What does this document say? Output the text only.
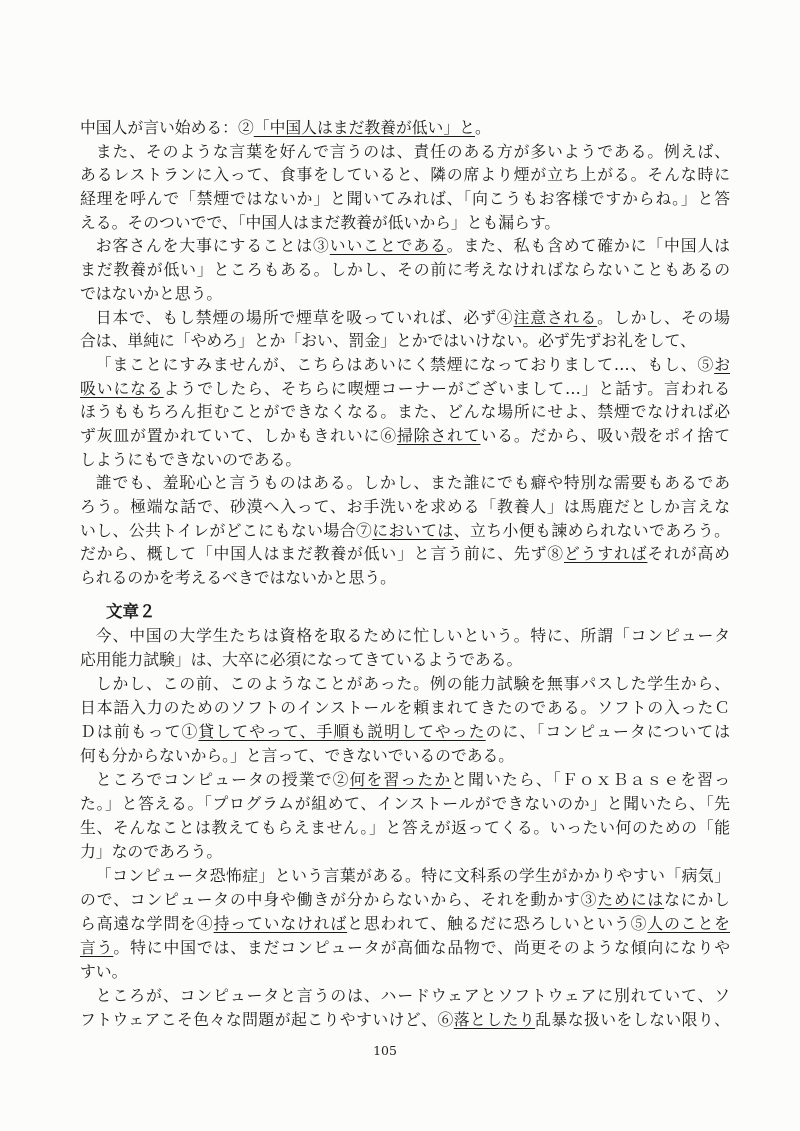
中国人が言い始める：②「中国人はまだ教養が低い」と。
また、そのような言葉を好んで言うのは、責任のある方が多いようである。例えば、
あるレストランに入って、食事をしていると、隣の席より煙が立ち上がる。そんな時に
経理を呼んで「禁煙ではないか」と聞いてみれば、「向こうもお客様ですからね。」と答
える。そのついでで、「中国人はまだ教養が低いから」とも漏らす。
お客さんを大事にすることは③いいことである。また、私も含めて確かに「中国人は
まだ教養が低い」ところもある。しかし、その前に考えなければならないこともあるの
ではないかと思う。
日本で、もし禁煙の場所で煙草を吸っていれば、必ず④注意される。しかし、その場
合は、単純に「やめろ」とか「おい、罰金」とかではいけない。必ず先ずお礼をして、
「まことにすみませんが、こちらはあいにく禁煙になっておりまして…、もし、⑤お
吸いになるようでしたら、そちらに喫煙コーナーがございまして…」と話す。言われる
ほうももちろん拒むことができなくなる。また、どんな場所にせよ、禁煙でなければ必
ず灰皿が置かれていて、しかもきれいに⑥掃除されている。だから、吸い殻をポイ捨て
しようにもできないのである。
誰でも、羞恥心と言うものはある。しかし、また誰にでも癖や特別な需要もあるであ
ろう。極端な話で、砂漠へ入って、お手洗いを求める「教養人」は馬鹿だとしか言えな
いし、公共トイレがどこにもない場合⑦においては、立ち小便も諫められないであろう。
だから、概して「中国人はまだ教養が低い」と言う前に、先ず⑧どうすればそれが高め
られるのかを考えるべきではないかと思う。
文章２
今、中国の大学生たちは資格を取るために忙しいという。特に、所謂「コンピュータ
応用能力試験」は、大卒に必須になってきているようである。
しかし、この前、このようなことがあった。例の能力試験を無事パスした学生から、
日本語入力のためのソフトのインストールを頼まれてきたのである。ソフトの入ったＣ
Ｄは前もって①貸してやって、手順も説明してやったのに、「コンピュータについては
何も分からないから。」と言って、できないでいるのである。
ところでコンピュータの授業で②何を習ったかと聞いたら、「ＦｏｘＢａｓｅを習っ
た。」と答える。「プログラムが組めて、インストールができないのか」と聞いたら、「先
生、そんなことは教えてもらえません。」と答えが返ってくる。いったい何のための「能
力」なのであろう。
「コンピュータ恐怖症」という言葉がある。特に文科系の学生がかかりやすい「病気」
ので、コンピュータの中身や働きが分からないから、それを動かす③ためにはなにかし
ら高遠な学問を④持っていなければと思われて、触るだに恐ろしいという⑤人のことを
言う。特に中国では、まだコンピュータが高価な品物で、尚更そのような傾向になりや
すい。
ところが、コンピュータと言うのは、ハードウェアとソフトウェアに別れていて、ソ
フトウェアこそ色々な問題が起こりやすいけど、⑥落としたり乱暴な扱いをしない限り、
105
